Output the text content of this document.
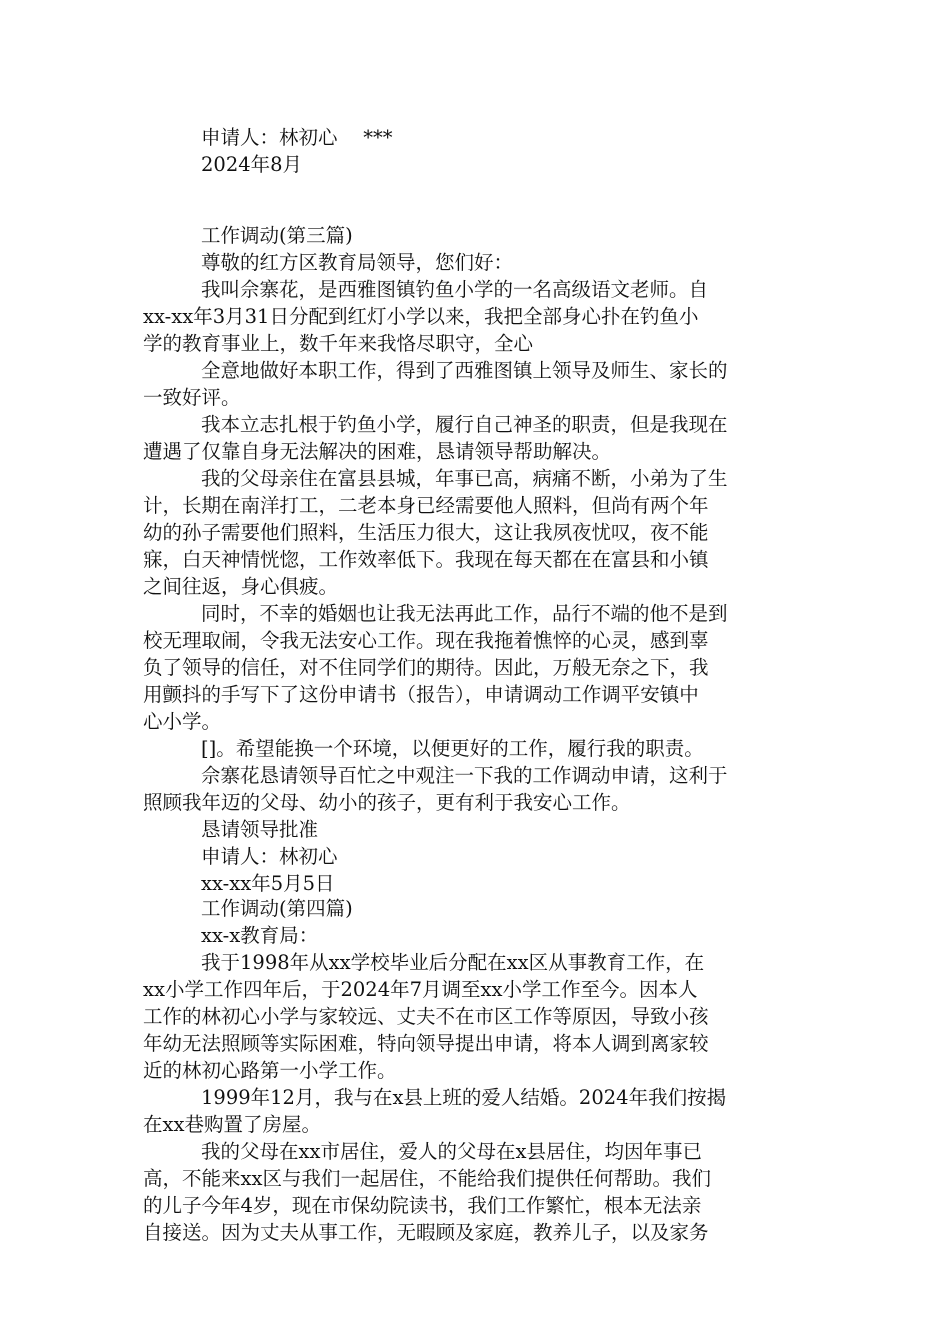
申请人：林初心　 ***
2024年8月
工作调动(第三篇)
尊敬的红方区教育局领导，您们好：
我叫佘寨花，是西雅图镇钓鱼小学的一名高级语文老师。自
xx-xx年3月31日分配到红灯小学以来，我把全部身心扑在钓鱼小
学的教育事业上，数千年来我恪尽职守，全心
全意地做好本职工作，得到了西雅图镇上领导及师生、家长的
一致好评。
我本立志扎根于钓鱼小学，履行自己神圣的职责，但是我现在
遭遇了仅靠自身无法解决的困难，恳请领导帮助解决。
我的父母亲住在富县县城，年事已高，病痛不断，小弟为了生
计，长期在南洋打工，二老本身已经需要他人照料，但尚有两个年
幼的孙子需要他们照料，生活压力很大，这让我夙夜忧叹，夜不能
寐，白天神情恍惚，工作效率低下。我现在每天都在在富县和小镇
之间往返，身心俱疲。
同时，不幸的婚姻也让我无法再此工作，品行不端的他不是到
校无理取闹，令我无法安心工作。现在我拖着憔悴的心灵，感到辜
负了领导的信任，对不住同学们的期待。因此，万般无奈之下，我
用颤抖的手写下了这份申请书（报告），申请调动工作调平安镇中
心小学。
[]。希望能换一个环境，以便更好的工作，履行我的职责。
佘寨花恳请领导百忙之中观注一下我的工作调动申请，这利于
照顾我年迈的父母、幼小的孩子，更有利于我安心工作。
恳请领导批准
申请人：林初心
xx-xx年5月5日
工作调动(第四篇)
xx-x教育局：
我于1998年从xx学校毕业后分配在xx区从事教育工作，在
xx小学工作四年后，于2024年7月调至xx小学工作至今。因本人
工作的林初心小学与家较远、丈夫不在市区工作等原因，导致小孩
年幼无法照顾等实际困难，特向领导提出申请，将本人调到离家较
近的林初心路第一小学工作。
1999年12月，我与在x县上班的爱人结婚。2024年我们按揭
在xx巷购置了房屋。
我的父母在xx市居住，爱人的父母在x县居住，均因年事已
高，不能来xx区与我们一起居住，不能给我们提供任何帮助。我们
的儿子今年4岁，现在市保幼院读书，我们工作繁忙，根本无法亲
自接送。因为丈夫从事工作，无暇顾及家庭，教养儿子，以及家务
